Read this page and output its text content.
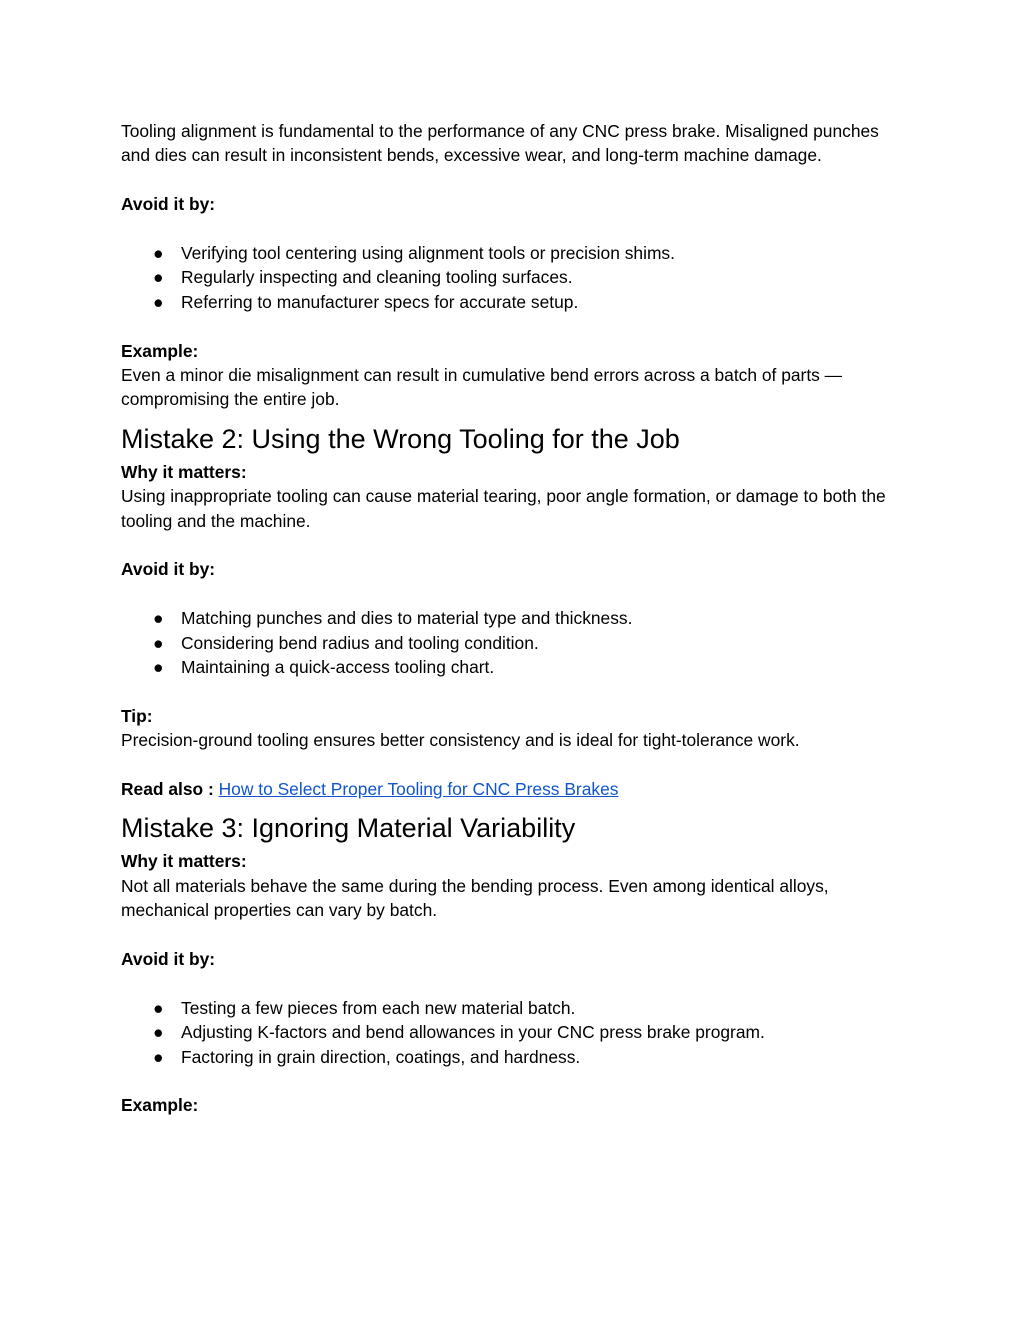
Tooling alignment is fundamental to the performance of any CNC press brake. Misaligned punches and dies can result in inconsistent bends, excessive wear, and long-term machine damage.

Avoid it by:

● Verifying tool centering using alignment tools or precision shims.
● Regularly inspecting and cleaning tooling surfaces.
● Referring to manufacturer specs for accurate setup.

Example:

Even a minor die misalignment can result in cumulative bend errors across a batch of parts — compromising the entire job.

Mistake 2: Using the Wrong Tooling for the Job

Why it matters:

Using inappropriate tooling can cause material tearing, poor angle formation, or damage to both the tooling and the machine.

Avoid it by:

● Matching punches and dies to material type and thickness.
● Considering bend radius and tooling condition.
● Maintaining a quick-access tooling chart.

Tip:

Precision-ground tooling ensures better consistency and is ideal for tight-tolerance work.

Read also : How to Select Proper Tooling for CNC Press Brakes

Mistake 3: Ignoring Material Variability

Why it matters:

Not all materials behave the same during the bending process. Even among identical alloys, mechanical properties can vary by batch.

Avoid it by:

● Testing a few pieces from each new material batch.
● Adjusting K-factors and bend allowances in your CNC press brake program.
● Factoring in grain direction, coatings, and hardness.

Example:
